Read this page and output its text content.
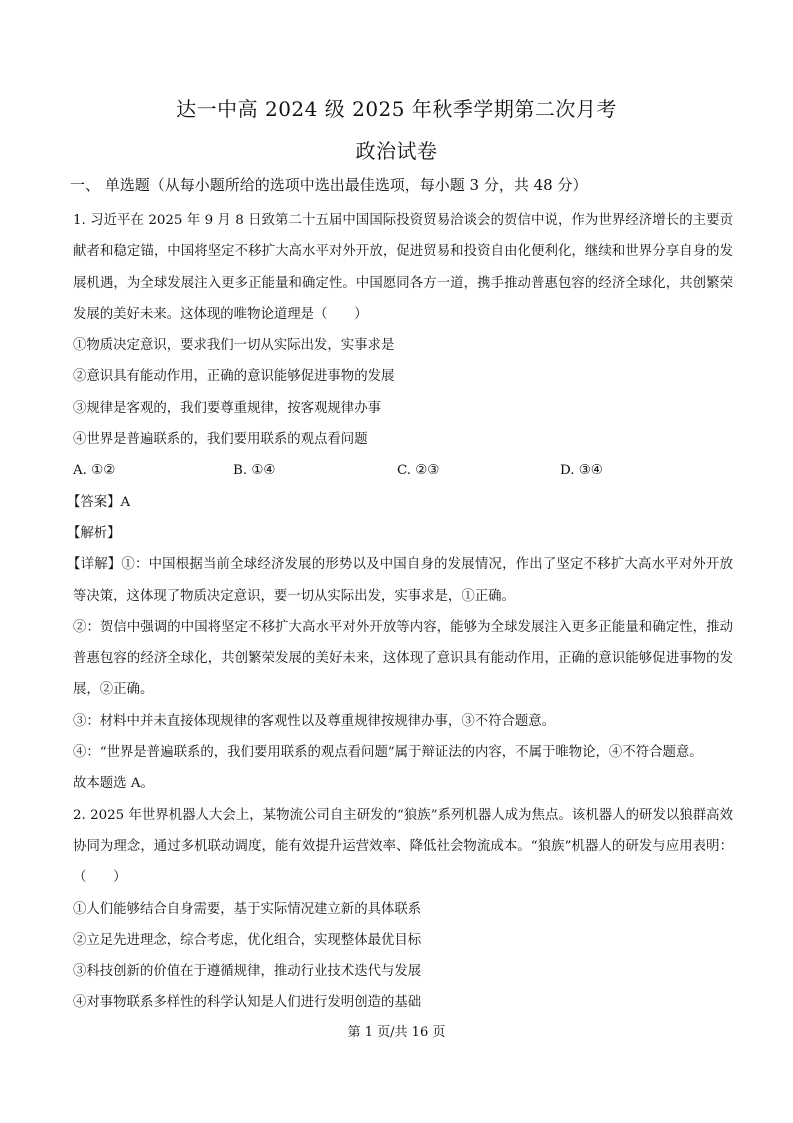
达一中高 2024 级 2025 年秋季学期第二次月考
政治试卷
一、 单选题（从每小题所给的选项中选出最佳选项，每小题 3 分，共 48 分）

1. 习近平在 2025 年 9 月 8 日致第二十五届中国国际投资贸易洽谈会的贺信中说，作为世界经济增长的主要贡献者和稳定锚，中国将坚定不移扩大高水平对外开放，促进贸易和投资自由化便利化，继续和世界分享自身的发展机遇，为全球发展注入更多正能量和确定性。中国愿同各方一道，携手推动普惠包容的经济全球化，共创繁荣发展的美好未来。这体现的唯物论道理是（　　）

①物质决定意识，要求我们一切从实际出发，实事求是

②意识具有能动作用，正确的意识能够促进事物的发展

③规律是客观的，我们要尊重规律，按客观规律办事

④世界是普遍联系的，我们要用联系的观点看问题

A. ①②	B. ①④	C. ②③	D. ③④

【答案】A

【解析】

【详解】①：中国根据当前全球经济发展的形势以及中国自身的发展情况，作出了坚定不移扩大高水平对外开放等决策，这体现了物质决定意识，要一切从实际出发，实事求是，①正确。

②：贺信中强调的中国将坚定不移扩大高水平对外开放等内容，能够为全球发展注入更多正能量和确定性，推动普惠包容的经济全球化，共创繁荣发展的美好未来，这体现了意识具有能动作用，正确的意识能够促进事物的发展，②正确。

③：材料中并未直接体现规律的客观性以及尊重规律按规律办事，③不符合题意。

④：“世界是普遍联系的，我们要用联系的观点看问题”属于辩证法的内容，不属于唯物论，④不符合题意。

故本题选 A。

2. 2025 年世界机器人大会上，某物流公司自主研发的“狼族”系列机器人成为焦点。该机器人的研发以狼群高效协同为理念，通过多机联动调度，能有效提升运营效率、降低社会物流成本。“狼族”机器人的研发与应用表明：（　　）

①人们能够结合自身需要，基于实际情况建立新的具体联系

②立足先进理念，综合考虑，优化组合，实现整体最优目标

③科技创新的价值在于遵循规律，推动行业技术迭代与发展

④对事物联系多样性的科学认知是人们进行发明创造的基础

第 1 页/共 16 页
